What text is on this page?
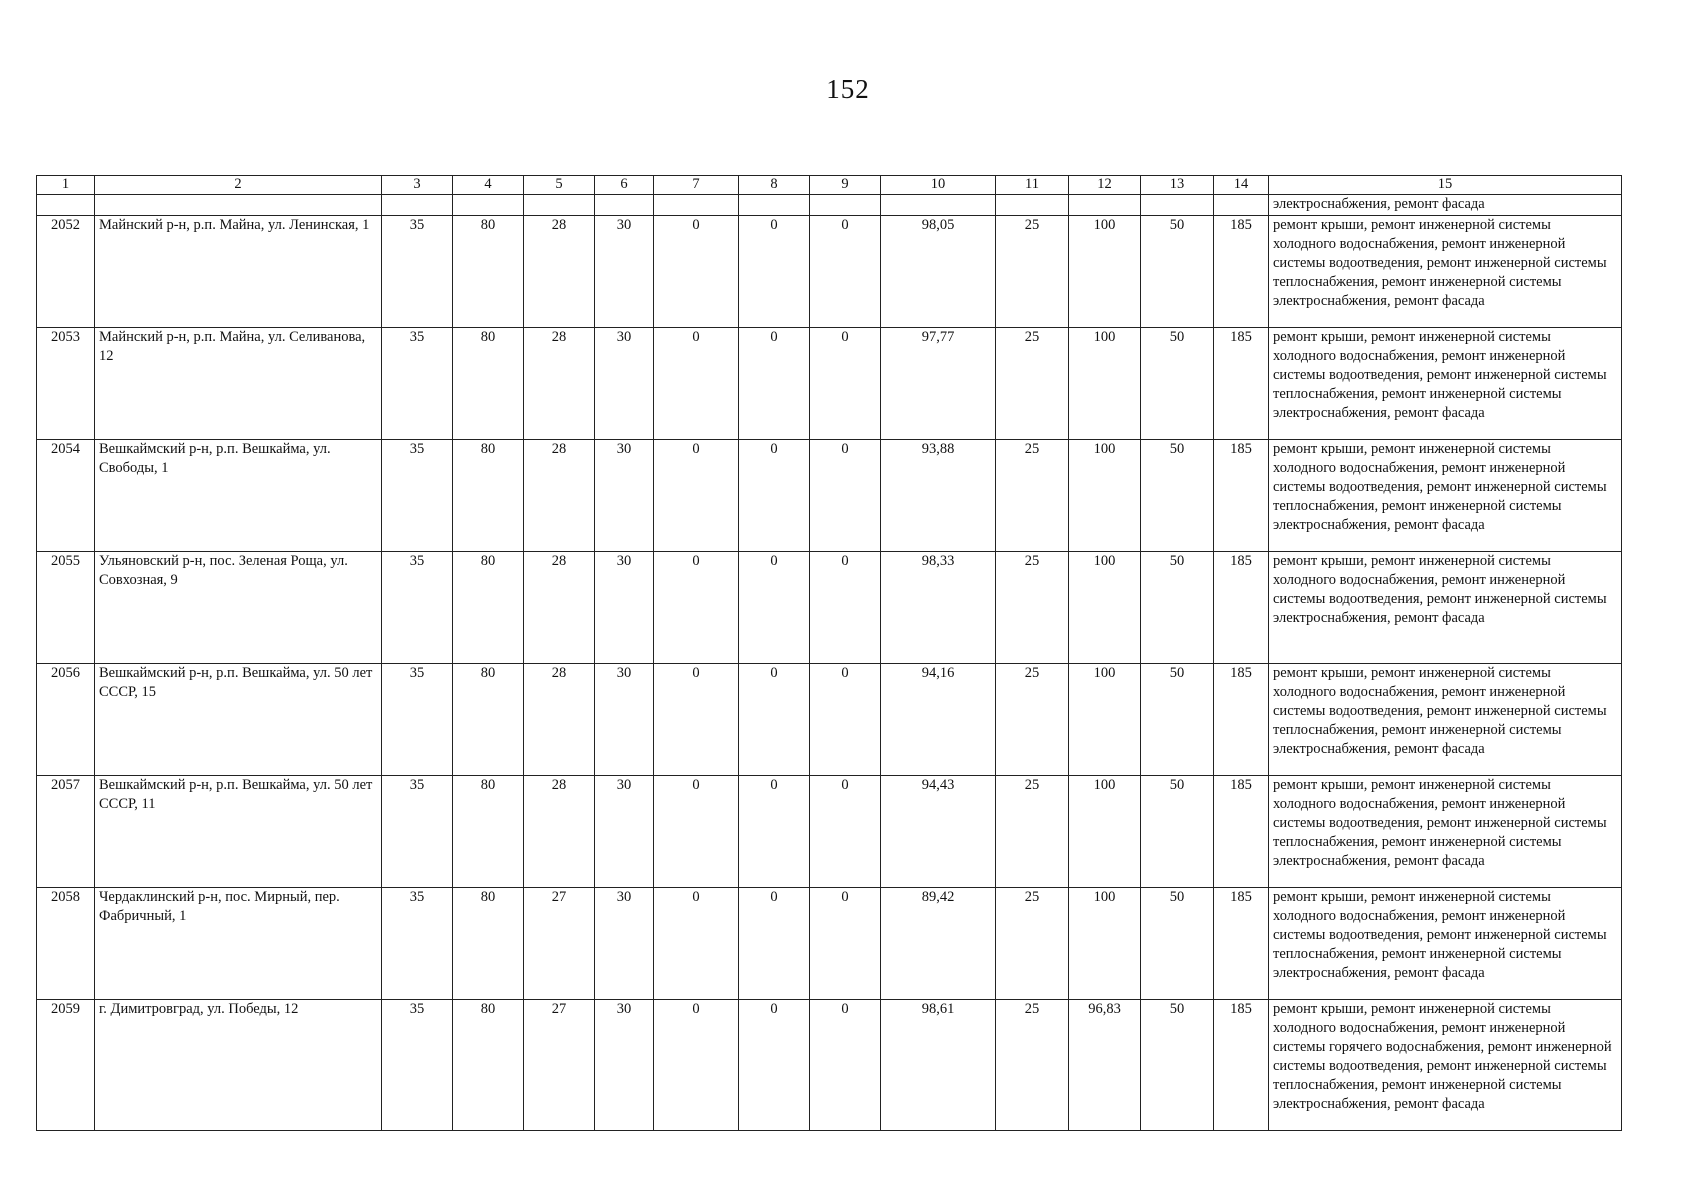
152
1	2	3	4	5	6	7	8	9	10	11	12	13	14	15
														электроснабжения, ремонт фасада
2052	Майнский р-н, р.п. Майна, ул. Ленинская, 1	35	80	28	30	0	0	0	98,05	25	100	50	185	ремонт крыши, ремонт инженерной системы холодного водоснабжения, ремонт инженерной системы водоотведения, ремонт инженерной системы теплоснабжения, ремонт инженерной системы электроснабжения, ремонт фасада
2053	Майнский р-н, р.п. Майна, ул. Селиванова, 12	35	80	28	30	0	0	0	97,77	25	100	50	185	ремонт крыши, ремонт инженерной системы холодного водоснабжения, ремонт инженерной системы водоотведения, ремонт инженерной системы теплоснабжения, ремонт инженерной системы электроснабжения, ремонт фасада
2054	Вешкаймский р-н, р.п. Вешкайма, ул. Свободы, 1	35	80	28	30	0	0	0	93,88	25	100	50	185	ремонт крыши, ремонт инженерной системы холодного водоснабжения, ремонт инженерной системы водоотведения, ремонт инженерной системы теплоснабжения, ремонт инженерной системы электроснабжения, ремонт фасада
2055	Ульяновский р-н, пос. Зеленая Роща, ул. Совхозная, 9	35	80	28	30	0	0	0	98,33	25	100	50	185	ремонт крыши, ремонт инженерной системы холодного водоснабжения, ремонт инженерной системы водоотведения, ремонт инженерной системы электроснабжения, ремонт фасада
2056	Вешкаймский р-н, р.п. Вешкайма, ул. 50 лет СССР, 15	35	80	28	30	0	0	0	94,16	25	100	50	185	ремонт крыши, ремонт инженерной системы холодного водоснабжения, ремонт инженерной системы водоотведения, ремонт инженерной системы теплоснабжения, ремонт инженерной системы электроснабжения, ремонт фасада
2057	Вешкаймский р-н, р.п. Вешкайма, ул. 50 лет СССР, 11	35	80	28	30	0	0	0	94,43	25	100	50	185	ремонт крыши, ремонт инженерной системы холодного водоснабжения, ремонт инженерной системы водоотведения, ремонт инженерной системы теплоснабжения, ремонт инженерной системы электроснабжения, ремонт фасада
2058	Чердаклинский р-н, пос. Мирный, пер. Фабричный, 1	35	80	27	30	0	0	0	89,42	25	100	50	185	ремонт крыши, ремонт инженерной системы холодного водоснабжения, ремонт инженерной системы водоотведения, ремонт инженерной системы теплоснабжения, ремонт инженерной системы электроснабжения, ремонт фасада
2059	г. Димитровград, ул. Победы, 12	35	80	27	30	0	0	0	98,61	25	96,83	50	185	ремонт крыши, ремонт инженерной системы холодного водоснабжения, ремонт инженерной системы горячего водоснабжения, ремонт инженерной системы водоотведения, ремонт инженерной системы теплоснабжения, ремонт инженерной системы электроснабжения, ремонт фасада
